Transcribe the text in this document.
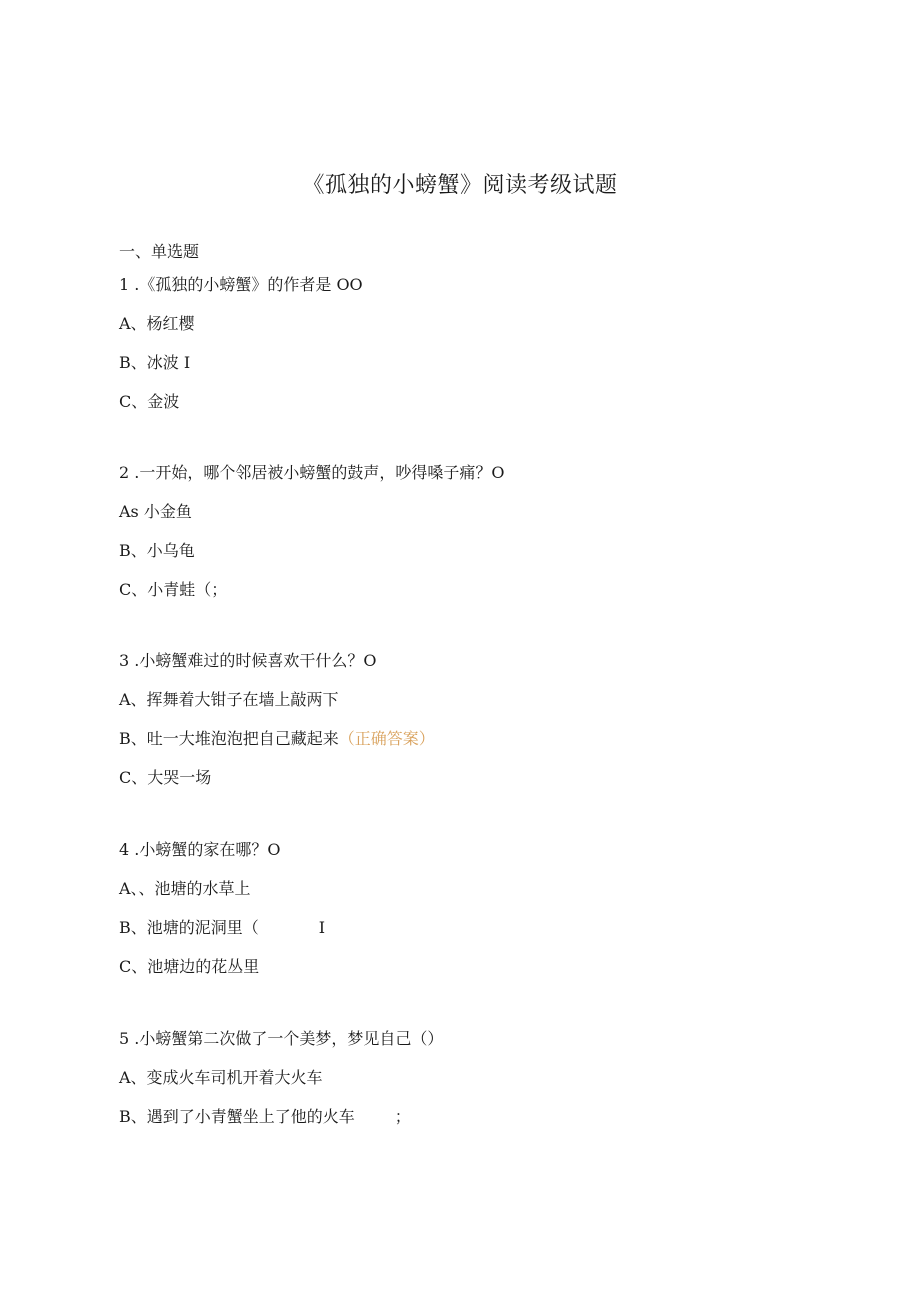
《孤独的小螃蟹》阅读考级试题
一、单选题
1 .《孤独的小螃蟹》的作者是 OO
A、杨红樱
B、冰波 I
C、金波
2 .一开始，哪个邻居被小螃蟹的鼓声，吵得嗓子痛？O
As 小金鱼
B、小乌龟
C、小青蛙（；
3 .小螃蟹难过的时候喜欢干什么？O
A、挥舞着大钳子在墙上敲两下
B、吐一大堆泡泡把自己藏起来（正确答案）
C、大哭一场
4 .小螃蟹的家在哪？O
A、、池塘的水草上
B、池塘的泥洞里（	I
C、池塘边的花丛里
5 .小螃蟹第二次做了一个美梦，梦见自己（）
A、变成火车司机开着大火车
B、遇到了小青蟹坐上了他的火车	；
